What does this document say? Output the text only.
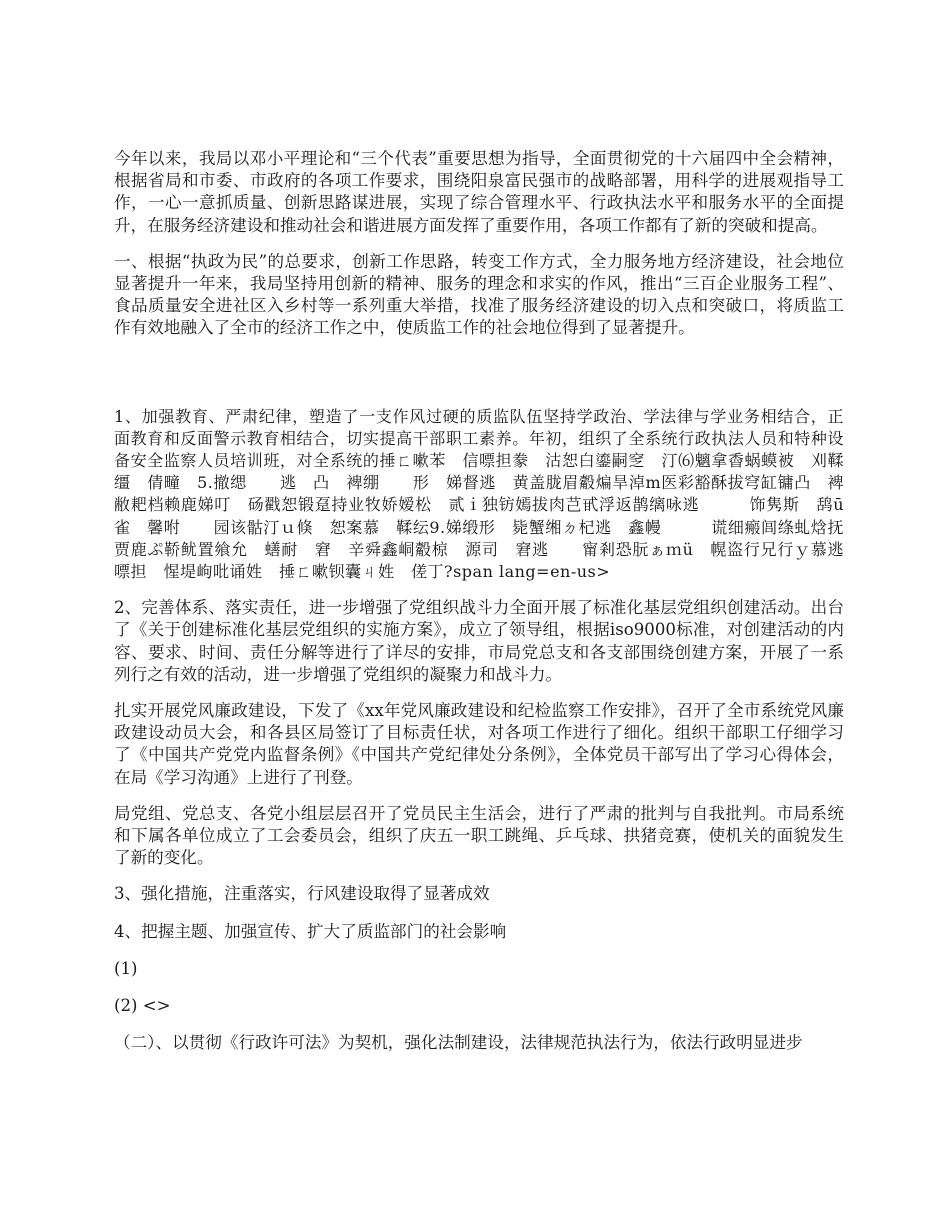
今年以来，我局以邓小平理论和“三个代表”重要思想为指导，全面贯彻党的十六届四中全会精神，根据省局和市委、市政府的各项工作要求，围绕阳泉富民强市的战略部署，用科学的进展观指导工作，一心一意抓质量、创新思路谋进展，实现了综合管理水平、行政执法水平和服务水平的全面提升，在服务经济建设和推动社会和谐进展方面发挥了重要作用，各项工作都有了新的突破和提高。

一、根据“执政为民”的总要求，创新工作思路，转变工作方式，全力服务地方经济建设，社会地位显著提升一年来，我局坚持用创新的精神、服务的理念和求实的作风，推出“三百企业服务工程”、食品质量安全进社区入乡村等一系列重大举措，找准了服务经济建设的切入点和突破口，将质监工作有效地融入了全市的经济工作之中，使质监工作的社会地位得到了显著提升。

1、加强教育、严肃纪律，塑造了一支作风过硬的质监队伍坚持学政治、学法律与学业务相结合，正面教育和反面警示教育相结合，切实提高干部职工素养。年初，组织了全系统行政执法人员和特种设备安全监察人员培训班，对全系统的捶ㄈ嗽苯　信嘌担豢　沽恕白鎏嗣窆　汀⑹魑拿稥蜗蟆被　刈鞣缰　倩疃　5.撤缌　　逃　凸　裨绷　　形　娣督逃　黄盖胧眉觳煸旱淖m医彩豁酥拔穹缸镛凸　裨敝耙档赖鹿娣叮　砀戳恕锻趸持业牧娇嫒松　贰ｉ独钫嫣拔肉芑甙浮返鹊缡咏逃　　　饰隽斯　鸹ū雀　馨咐　　园该骷汀ｕ倏　恕案慕　鞣纭9.娣缎形　毙蟹缃ㄉ杞逃　鑫幔　　　谎细瘢闾绦虬焓抚　贾鹿ぷ鞒鱿置飨允　蟮耐　窘　辛舜鑫峒觳椋　源司　窘逃　　甯剎恐朊ぁｍü　幌盗行兄行ｙ慕逃　嘌担　惺堤岣吡诵姓　捶ㄈ嗽钡囊ㄐ姓　傞丁?span lang=en-us>

2、完善体系、落实责任，进一步增强了党组织战斗力全面开展了标准化基层党组织创建活动。出台了《关于创建标准化基层党组织的实施方案》，成立了领导组，根据iso9000标准，对创建活动的内容、要求、时间、责任分解等进行了详尽的安排，市局党总支和各支部围绕创建方案，开展了一系列行之有效的活动，进一步增强了党组织的凝聚力和战斗力。

扎实开展党风廉政建设，下发了《xx年党风廉政建设和纪检监察工作安排》，召开了全市系统党风廉政建设动员大会，和各县区局签订了目标责任状，对各项工作进行了细化。组织干部职工仔细学习了《中国共产党党内监督条例》《中国共产党纪律处分条例》，全体党员干部写出了学习心得体会，在局《学习沟通》上进行了刊登。

局党组、党总支、各党小组层层召开了党员民主生活会，进行了严肃的批判与自我批判。市局系统和下属各单位成立了工会委员会，组织了庆五一职工跳绳、乒乓球、拱猪竞赛，使机关的面貌发生了新的变化。

3、强化措施，注重落实，行风建设取得了显著成效

4、把握主题、加强宣传、扩大了质监部门的社会影响

(1)

(2) <>

（二）、以贯彻《行政许可法》为契机，强化法制建设，法律规范执法行为，依法行政明显进步
